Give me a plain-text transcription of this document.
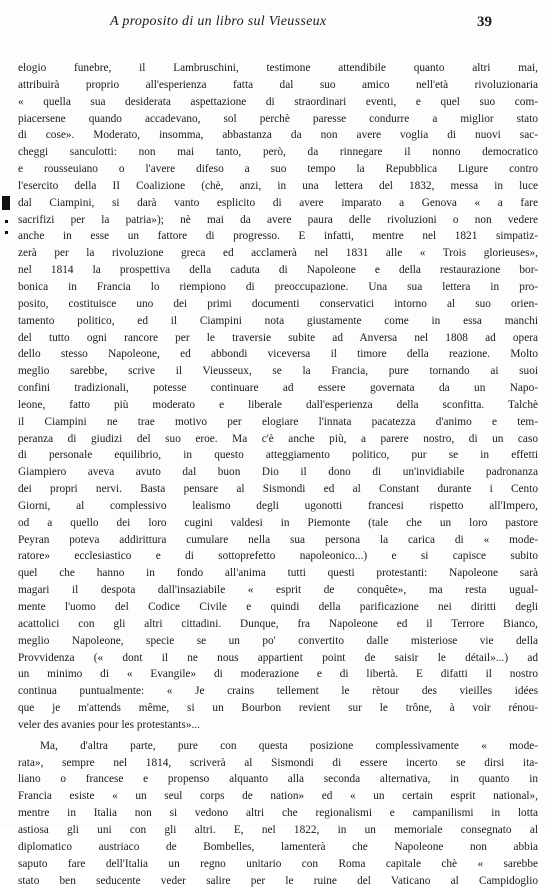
A proposito di un libro sul Vieusseux	39
elogio funebre, il Lambruschini, testimone attendibile quanto altri mai,
attribuirà proprio all'esperienza fatta dal suo amico nell'età rivoluzionaria
« quella sua desiderata aspettazione di straordinari eventi, e quel suo com-
piacersene quando accadevano, sol perchè paresse condurre a miglior stato
di cose». Moderato, insomma, abbastanza da non avere voglia di nuovi sac-
cheggi sanculotti: non mai tanto, però, da rinnegare il nonno democratico
e rousseuiano o l'avere difeso a suo tempo la Repubblica Ligure contro
l'esercito della II Coalizione (chè, anzi, in una lettera del 1832, messa in luce
dal Ciampini, si darà vanto esplicito di avere imparato a Genova « a fare
sacrifizi per la patria»); nè mai da avere paura delle rivoluzioni o non vedere
anche in esse un fattore di progresso. E infatti, mentre nel 1821 simpatiz-
zerà per la rivoluzione greca ed acclamerà nel 1831 alle « Trois glorieuses»,
nel 1814 la prospettiva della caduta di Napoleone e della restaurazione bor-
bonica in Francia lo riempiono di preoccupazione. Una sua lettera in pro-
posito, costituisce uno dei primi documenti conservatici intorno al suo orien-
tamento politico, ed il Ciampini nota giustamente come in essa manchi
del tutto ogni rancore per le traversie subite ad Anversa nel 1808 ad opera
dello stesso Napoleone, ed abbondi viceversa il timore della reazione. Molto
meglio sarebbe, scrive il Vieusseux, se la Francia, pure tornando ai suoi
confini tradizionali, potesse continuare ad essere governata da un Napo-
leone, fatto più moderato e liberale dall'esperienza della sconfitta. Talchè
il Ciampini ne trae motivo per elogiare l'innata pacatezza d'animo e tem-
peranza di giudizi del suo eroe. Ma c'è anche più, a parere nostro, di un caso
di personale equilibrio, in questo atteggiamento politico, pur se in effetti
Giampiero aveva avuto dal buon Dio il dono di un'invidiabile padronanza
dei propri nervi. Basta pensare al Sismondi ed al Constant durante i Cento
Giorni, al complessivo lealismo degli ugonotti francesi rispetto all'Impero,
od a quello dei loro cugini valdesi in Piemonte (tale che un loro pastore
Peyran poteva addirittura cumulare nella sua persona la carica di « mode-
ratore» ecclesiastico e di sottoprefetto napoleonico...) e si capisce subito
quel che hanno in fondo all'anima tutti questi protestanti: Napoleone sarà
magari il despota dall'insaziabile « esprit de conquête», ma resta ugual-
mente l'uomo del Codice Civile e quindi della parificazione nei diritti degli
acattolici con gli altri cittadini. Dunque, fra Napoleone ed il Terrore Bianco,
meglio Napoleone, specie se un po' convertito dalle misteriose vie della
Provvidenza (« dont il ne nous appartient point de saisir le détail»...) ad
un minimo di « Evangile» di moderazione e di libertà. E difatti il nostro
continua puntualmente: « Je crains tellement le rètour des vieilles idées
que je m'attends même, si un Bourbon revient sur le trône, à voir rénou-
veler des avanies pour les protestants»...
Ma, d'altra parte, pure con questa posizione complessivamente « mode-
rata», sempre nel 1814, scriverà al Sismondi di essere incerto se dirsi ita-
liano o francese e propenso alquanto alla seconda alternativa, in quanto in
Francia esiste « un seul corps de nation» ed « un certain esprit national»,
mentre in Italia non si vedono altri che regionalismi e campanilismi in lotta
astiosa gli uni con gli altri. E, nel 1822, in un memoriale consegnato al
diplomatico austriaco de Bombelles, lamenterà che Napoleone non abbia
saputo fare dell'Italia un regno unitario con Roma capitale chè « sarebbe
stato ben seducente veder salire per le ruine del Vaticano al Campidoglio
